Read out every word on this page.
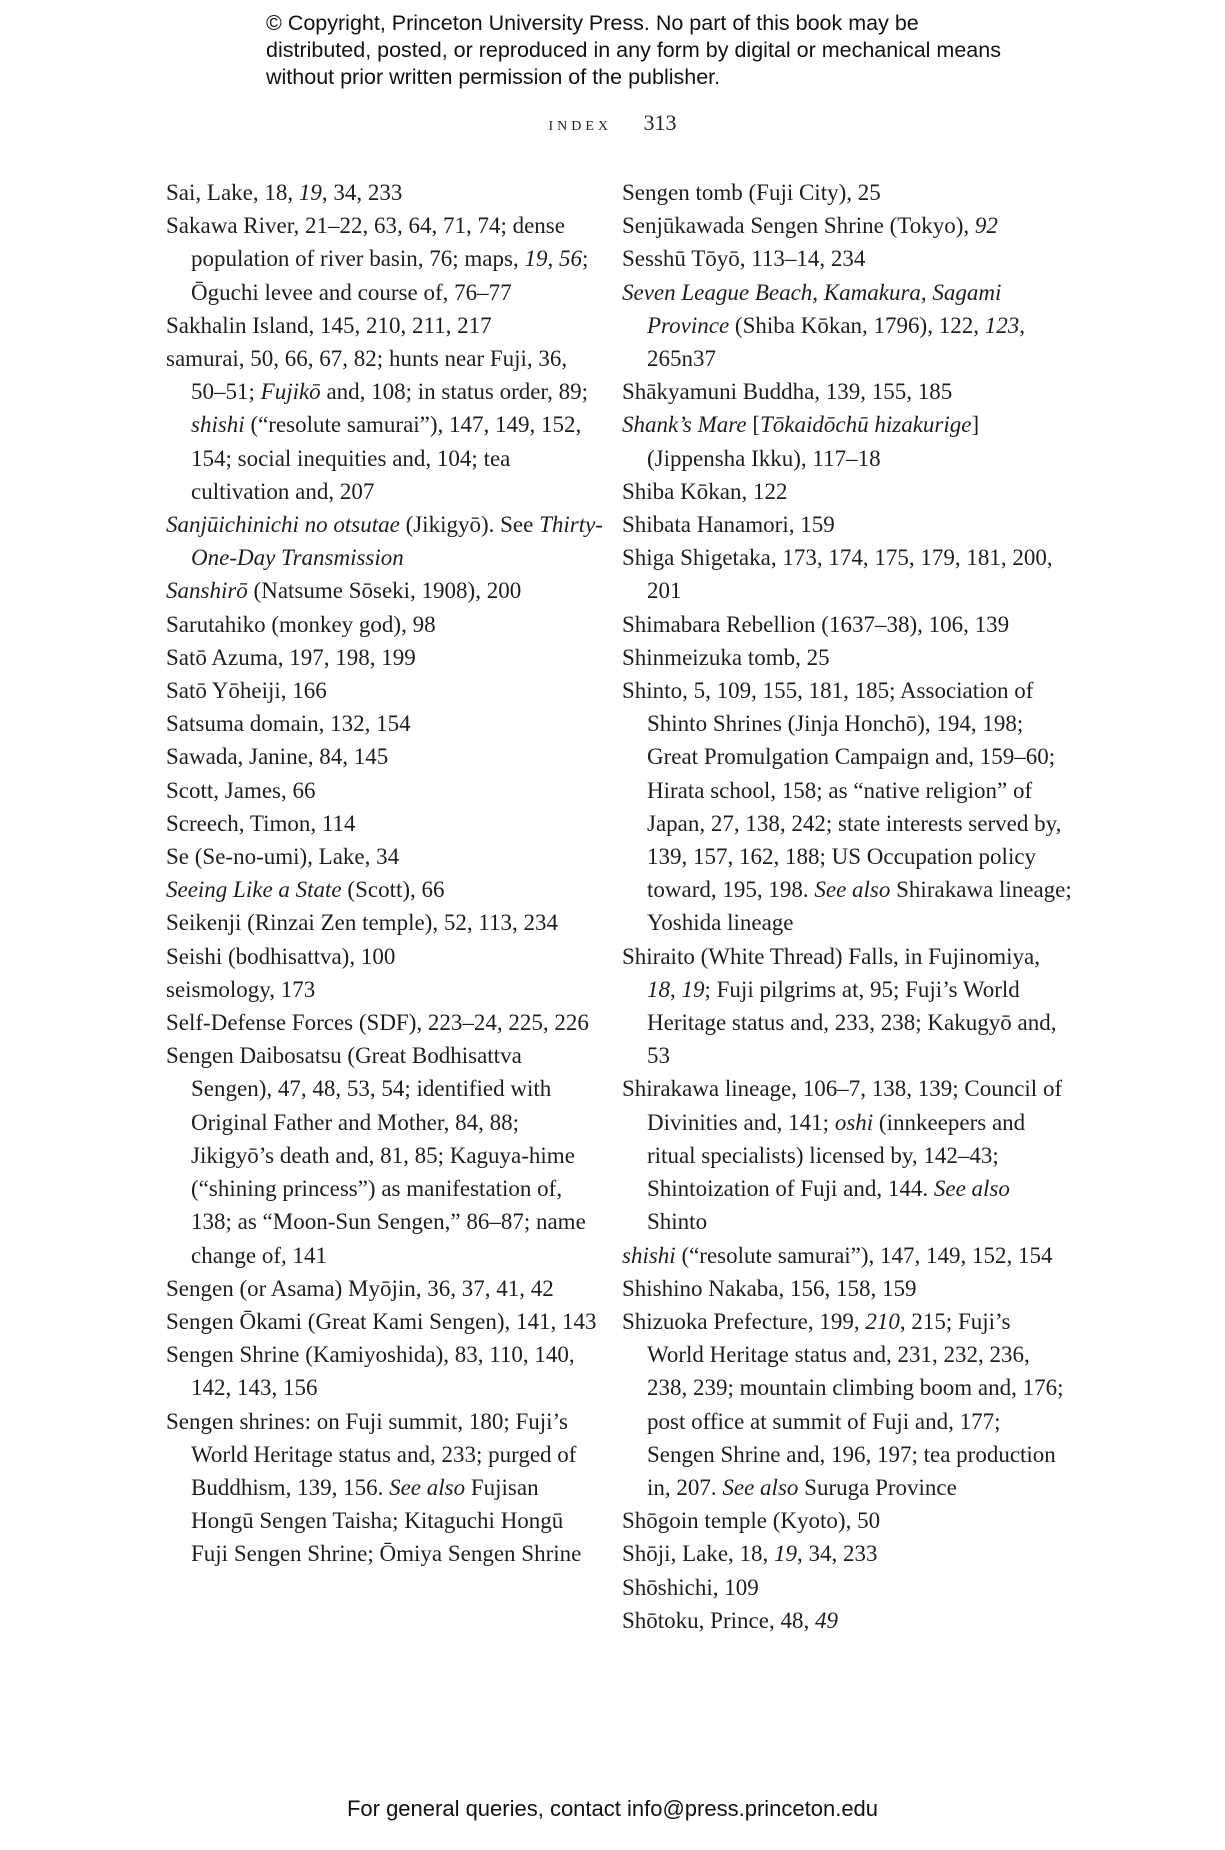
© Copyright, Princeton University Press. No part of this book may be distributed, posted, or reproduced in any form by digital or mechanical means without prior written permission of the publisher.
index 313
Sai, Lake, 18, 19, 34, 233
Sakawa River, 21–22, 63, 64, 71, 74; dense population of river basin, 76; maps, 19, 56; Ōguchi levee and course of, 76–77
Sakhalin Island, 145, 210, 211, 217
samurai, 50, 66, 67, 82; hunts near Fuji, 36, 50–51; Fujikō and, 108; in status order, 89; shishi (“resolute samurai”), 147, 149, 152, 154; social inequities and, 104; tea cultivation and, 207
Sanjūichinichi no otsutae (Jikigyō). See Thirty-One-Day Transmission
Sanshirō (Natsume Sōseki, 1908), 200
Sarutahiko (monkey god), 98
Satō Azuma, 197, 198, 199
Satō Yōheiji, 166
Satsuma domain, 132, 154
Sawada, Janine, 84, 145
Scott, James, 66
Screech, Timon, 114
Se (Se-no-umi), Lake, 34
Seeing Like a State (Scott), 66
Seikenji (Rinzai Zen temple), 52, 113, 234
Seishi (bodhisattva), 100
seismology, 173
Self-Defense Forces (SDF), 223–24, 225, 226
Sengen Daibosatsu (Great Bodhisattva Sengen), 47, 48, 53, 54; identified with Original Father and Mother, 84, 88; Jikigyō’s death and, 81, 85; Kaguya-hime (“shining princess”) as manifestation of, 138; as “Moon-Sun Sengen,” 86–87; name change of, 141
Sengen (or Asama) Myōjin, 36, 37, 41, 42
Sengen Ōkami (Great Kami Sengen), 141, 143
Sengen Shrine (Kamiyoshida), 83, 110, 140, 142, 143, 156
Sengen shrines: on Fuji summit, 180; Fuji’s World Heritage status and, 233; purged of Buddhism, 139, 156. See also Fujisan Hongū Sengen Taisha; Kitaguchi Hongū Fuji Sengen Shrine; Ōmiya Sengen Shrine
Sengen tomb (Fuji City), 25
Senjūkawada Sengen Shrine (Tokyo), 92
Sesshū Tōyō, 113–14, 234
Seven League Beach, Kamakura, Sagami Province (Shiba Kōkan, 1796), 122, 123, 265n37
Shākyamuni Buddha, 139, 155, 185
Shank’s Mare [Tōkaidōchū hizakurige] (Jippensha Ikku), 117–18
Shiba Kōkan, 122
Shibata Hanamori, 159
Shiga Shigetaka, 173, 174, 175, 179, 181, 200, 201
Shimabara Rebellion (1637–38), 106, 139
Shinmeizuka tomb, 25
Shinto, 5, 109, 155, 181, 185; Association of Shinto Shrines (Jinja Honchō), 194, 198; Great Promulgation Campaign and, 159–60; Hirata school, 158; as “native religion” of Japan, 27, 138, 242; state interests served by, 139, 157, 162, 188; US Occupation policy toward, 195, 198. See also Shirakawa lineage; Yoshida lineage
Shiraito (White Thread) Falls, in Fujinomiya, 18, 19; Fuji pilgrims at, 95; Fuji’s World Heritage status and, 233, 238; Kakugyō and, 53
Shirakawa lineage, 106–7, 138, 139; Council of Divinities and, 141; oshi (innkeepers and ritual specialists) licensed by, 142–43; Shintoization of Fuji and, 144. See also Shinto
shishi (“resolute samurai”), 147, 149, 152, 154
Shishino Nakaba, 156, 158, 159
Shizuoka Prefecture, 199, 210, 215; Fuji’s World Heritage status and, 231, 232, 236, 238, 239; mountain climbing boom and, 176; post office at summit of Fuji and, 177; Sengen Shrine and, 196, 197; tea production in, 207. See also Suruga Province
Shōgoin temple (Kyoto), 50
Shōji, Lake, 18, 19, 34, 233
Shōshichi, 109
Shōtoku, Prince, 48, 49
For general queries, contact info@press.princeton.edu
